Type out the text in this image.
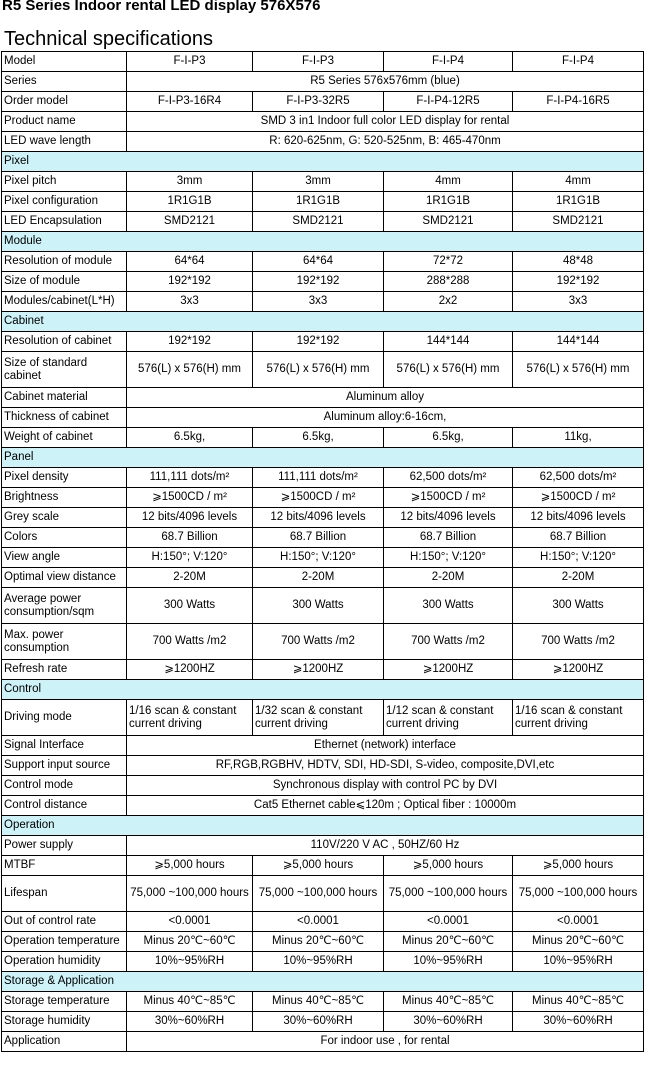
R5 Series Indoor rental LED display 576X576
Technical specifications
Model	F-I-P3	F-I-P3	F-I-P4	F-I-P4
Series	R5 Series 576x576mm (blue)			
Order model	F-I-P3-16R4	F-I-P3-32R5	F-I-P4-12R5	F-I-P4-16R5
Product name	SMD 3 in1 Indoor full color LED display for rental			
LED wave length	R: 620-625nm, G: 520-525nm, B: 465-470nm			
Pixel				
Pixel pitch	3mm	3mm	4mm	4mm
Pixel configuration	1R1G1B	1R1G1B	1R1G1B	1R1G1B
LED Encapsulation	SMD2121	SMD2121	SMD2121	SMD2121
Module				
Resolution of module	64*64	64*64	72*72	48*48
Size of module	192*192	192*192	288*288	192*192
Modules/cabinet(L*H)	3x3	3x3	2x2	3x3
Cabinet				
Resolution of cabinet	192*192	192*192	144*144	144*144
Size of standard cabinet	576(L) x 576(H) mm	576(L) x 576(H) mm	576(L) x 576(H) mm	576(L) x 576(H) mm
Cabinet material	Aluminum alloy			
Thickness of cabinet	Aluminum alloy:6-16cm,			
Weight of cabinet	6.5kg,	6.5kg,	6.5kg,	11kg,
Panel				
Pixel density	111,111 dots/m²	111,111 dots/m²	62,500 dots/m²	62,500 dots/m²
Brightness	⩾1500CD / m²	⩾1500CD / m²	⩾1500CD / m²	⩾1500CD / m²
Grey scale	12 bits/4096 levels	12 bits/4096 levels	12 bits/4096 levels	12 bits/4096 levels
Colors	68.7 Billion	68.7 Billion	68.7 Billion	68.7 Billion
View angle	H:150°; V:120°	H:150°; V:120°	H:150°; V:120°	H:150°; V:120°
Optimal view distance	2-20M	2-20M	2-20M	2-20M
Average power consumption/sqm	300 Watts	300 Watts	300 Watts	300 Watts
Max. power consumption	700 Watts /m2	700 Watts /m2	700 Watts /m2	700 Watts /m2
Refresh rate	⩾1200HZ	⩾1200HZ	⩾1200HZ	⩾1200HZ
Control				
Driving mode	1/16 scan & constant current driving	1/32 scan & constant current driving	1/12 scan & constant current driving	1/16 scan & constant current driving
Signal Interface	Ethernet (network) interface			
Support input source	RF,RGB,RGBHV, HDTV, SDI, HD-SDI, S-video, composite,DVI,etc			
Control mode	Synchronous display with control PC by DVI			
Control distance	Cat5 Ethernet cable⩽120m ; Optical fiber : 10000m			
Operation				
Power supply	110V/220 V AC , 50HZ/60 Hz			
MTBF	⩾5,000 hours	⩾5,000 hours	⩾5,000 hours	⩾5,000 hours
Lifespan	75,000 ~100,000 hours	75,000 ~100,000 hours	75,000 ~100,000 hours	75,000 ~100,000 hours
Out of control rate	<0.0001	<0.0001	<0.0001	<0.0001
Operation temperature	Minus 20℃~60℃	Minus 20℃~60℃	Minus 20℃~60℃	Minus 20℃~60℃
Operation humidity	10%~95%RH	10%~95%RH	10%~95%RH	10%~95%RH
Storage & Application				
Storage temperature	Minus 40℃~85℃	Minus 40℃~85℃	Minus 40℃~85℃	Minus 40℃~85℃
Storage humidity	30%~60%RH	30%~60%RH	30%~60%RH	30%~60%RH
Application	For indoor use , for rental			
